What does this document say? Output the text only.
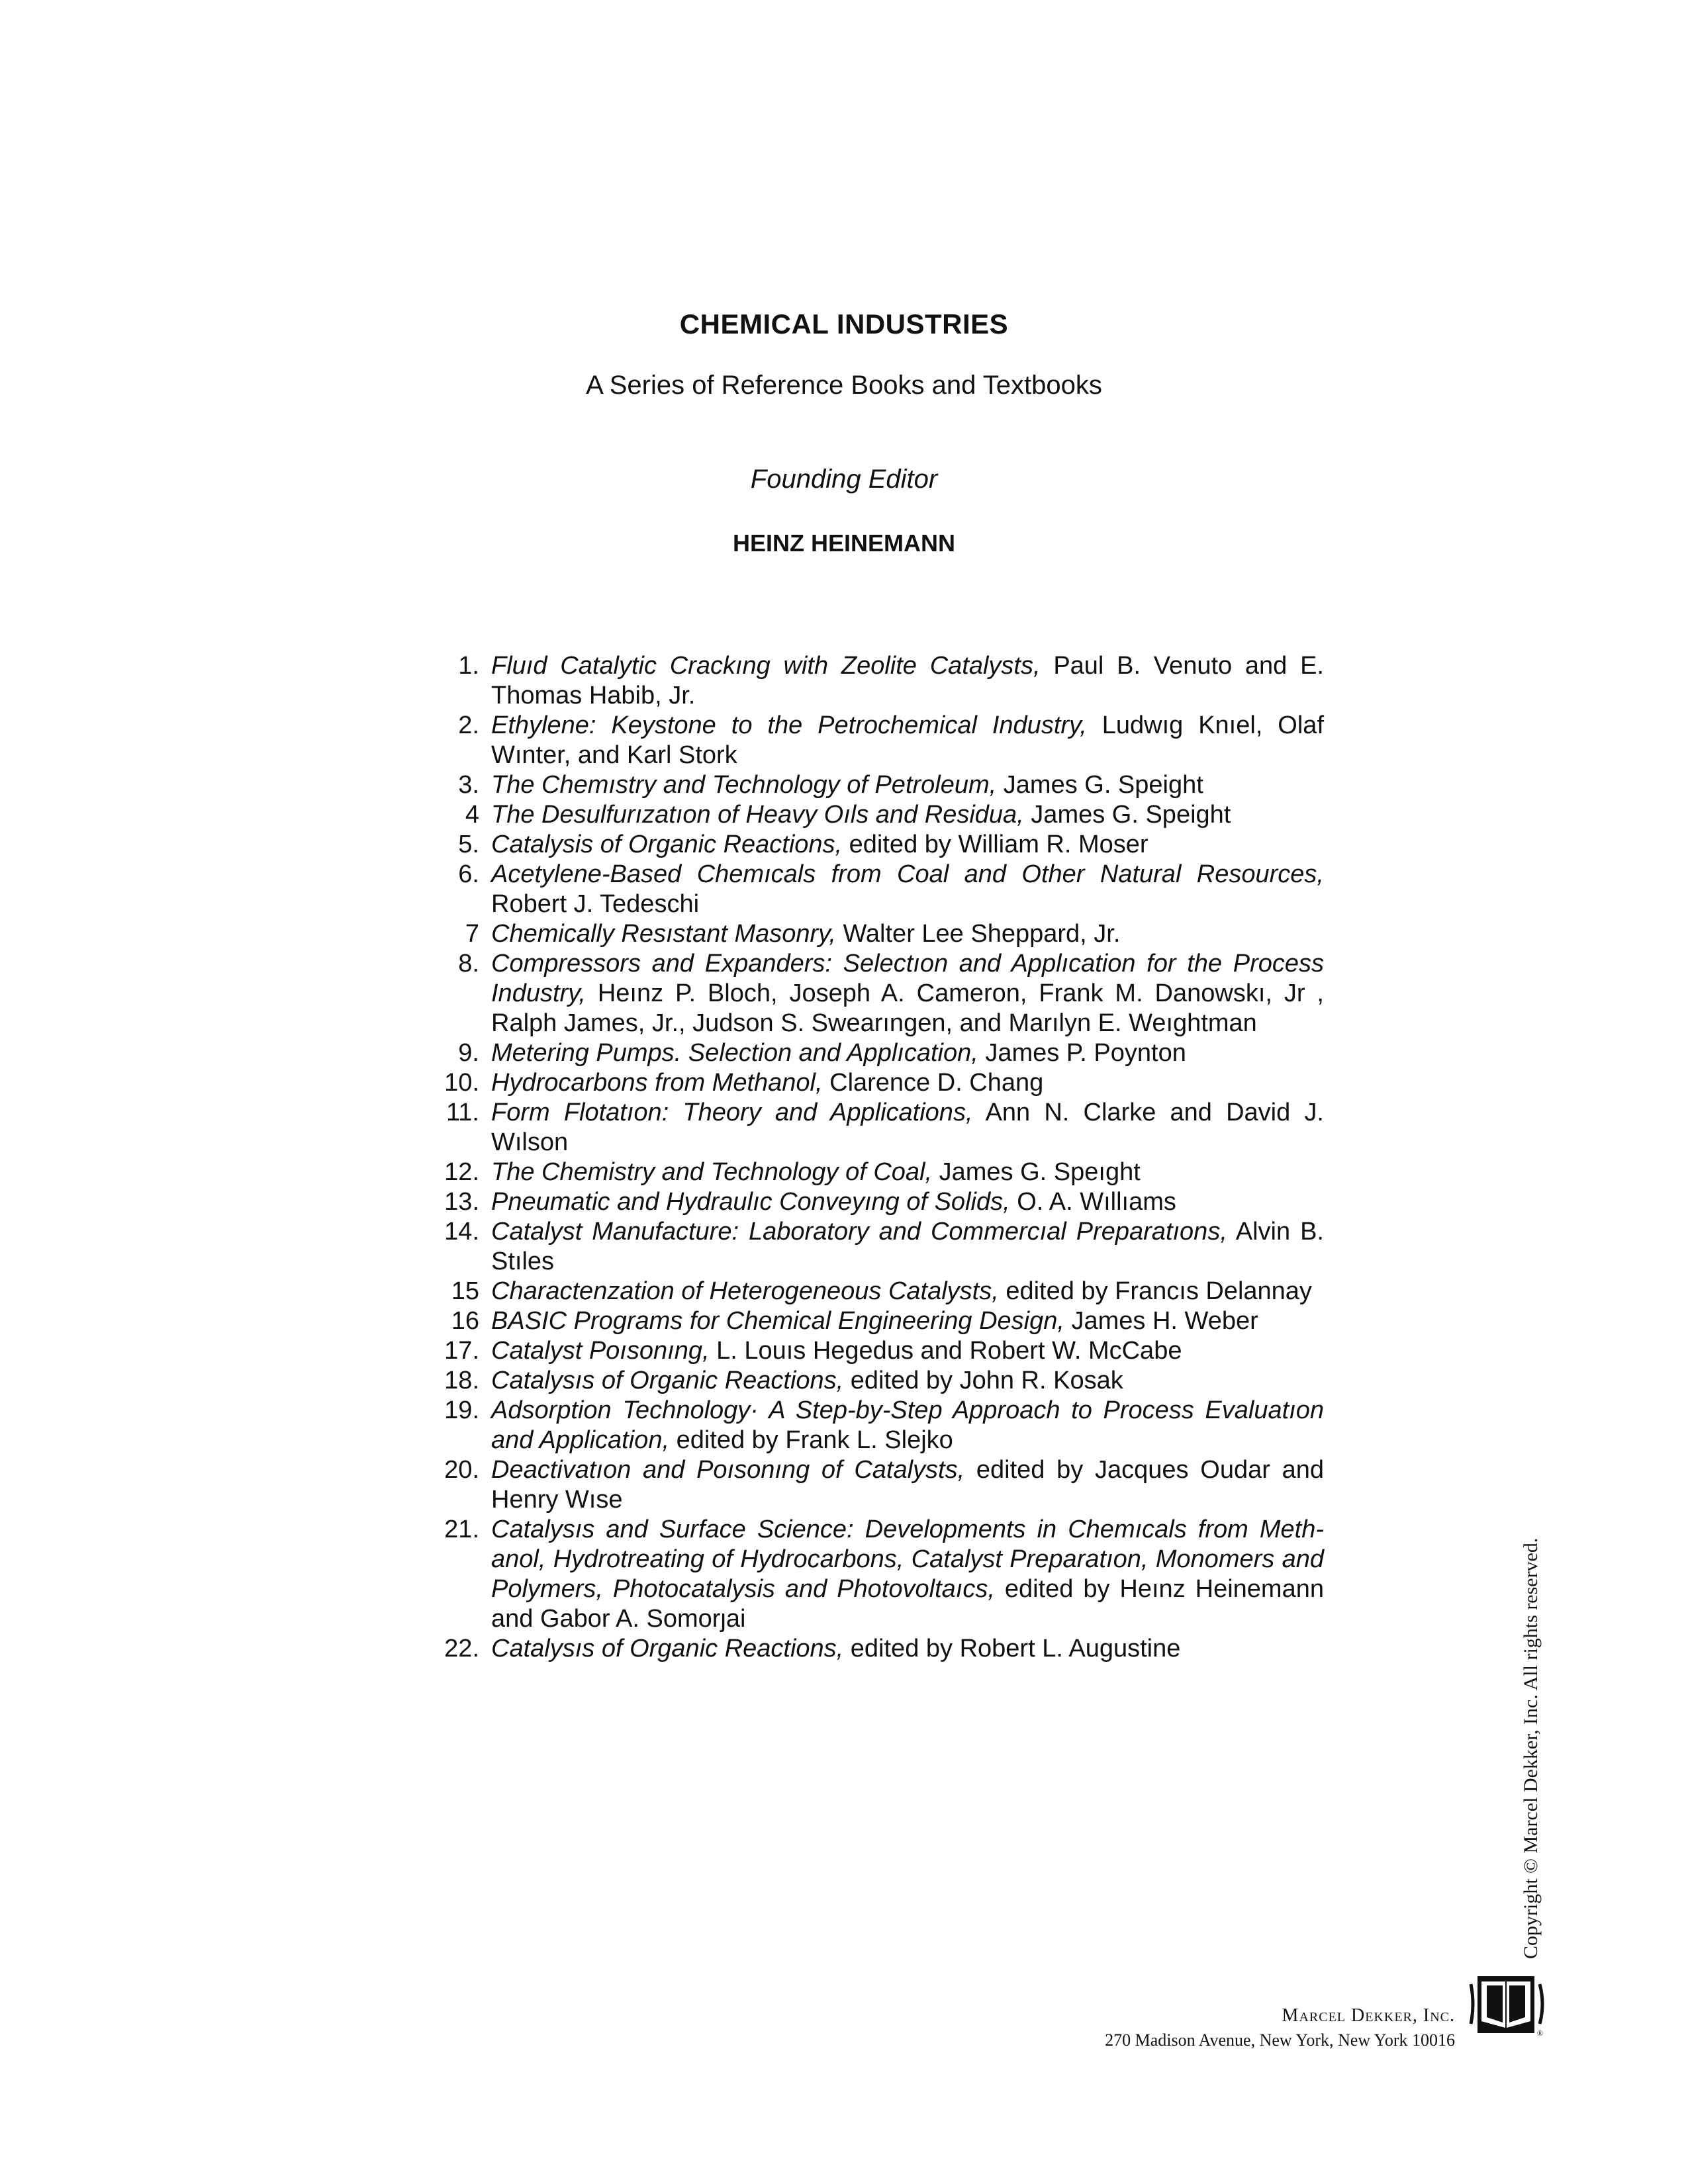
CHEMICAL INDUSTRIES
A Series of Reference Books and Textbooks
Founding Editor
HEINZ HEINEMANN
1. Fluıd Catalytic Crackıng with Zeolite Catalysts, Paul B. Venuto and E. Thomas Habib, Jr.
2. Ethylene: Keystone to the Petrochemical Industry, Ludwıg Knıel, Olaf Wınter, and Karl Stork
3. The Chemıstry and Technology of Petroleum, James G. Speight
4 The Desulfurızatıon of Heavy Oıls and Residua, James G. Speight
5. Catalysis of Organic Reactions, edited by William R. Moser
6. Acetylene-Based Chemıcals from Coal and Other Natural Resources, Robert J. Tedeschi
7 Chemically Resıstant Masonry, Walter Lee Sheppard, Jr.
8. Compressors and Expanders: Selectıon and Applıcation for the Process Industry, Heınz P. Bloch, Joseph A. Cameron, Frank M. Danowskı, Jr , Ralph James, Jr., Judson S. Swearıngen, and Marılyn E. Weıghtman
9. Metering Pumps. Selection and Applıcation, James P. Poynton
10. Hydrocarbons from Methanol, Clarence D. Chang
11. Form Flotatıon: Theory and Applications, Ann N. Clarke and David J. Wılson
12. The Chemistry and Technology of Coal, James G. Speıght
13. Pneumatic and Hydraulıc Conveyıng of Solids, O. A. Wıllıams
14. Catalyst Manufacture: Laboratory and Commercıal Preparatıons, Alvin B. Stıles
15 Charactenzation of Heterogeneous Catalysts, edited by Francıs Delannay
16 BASIC Programs for Chemical Engineering Design, James H. Weber
17. Catalyst Poısonıng, L. Louıs Hegedus and Robert W. McCabe
18. Catalysıs of Organic Reactions, edited by John R. Kosak
19. Adsorption Technology· A Step-by-Step Approach to Process Evaluatıon and Application, edited by Frank L. Slejko
20. Deactivatıon and Poısonıng of Catalysts, edited by Jacques Oudar and Henry Wıse
21. Catalysıs and Surface Science: Developments in Chemıcals from Meth-anol, Hydrotreating of Hydrocarbons, Catalyst Preparatıon, Monomers and Polymers, Photocatalysis and Photovoltaıcs, edited by Heınz Heinemann and Gabor A. Somorȷai
22. Catalysıs of Organic Reactions, edited by Robert L. Augustine	Copyright © Marcel Dekker, Inc. All rights reserved.
Marcel Dekker, Inc.
270 Madison Avenue, New York, New York 10016	®
